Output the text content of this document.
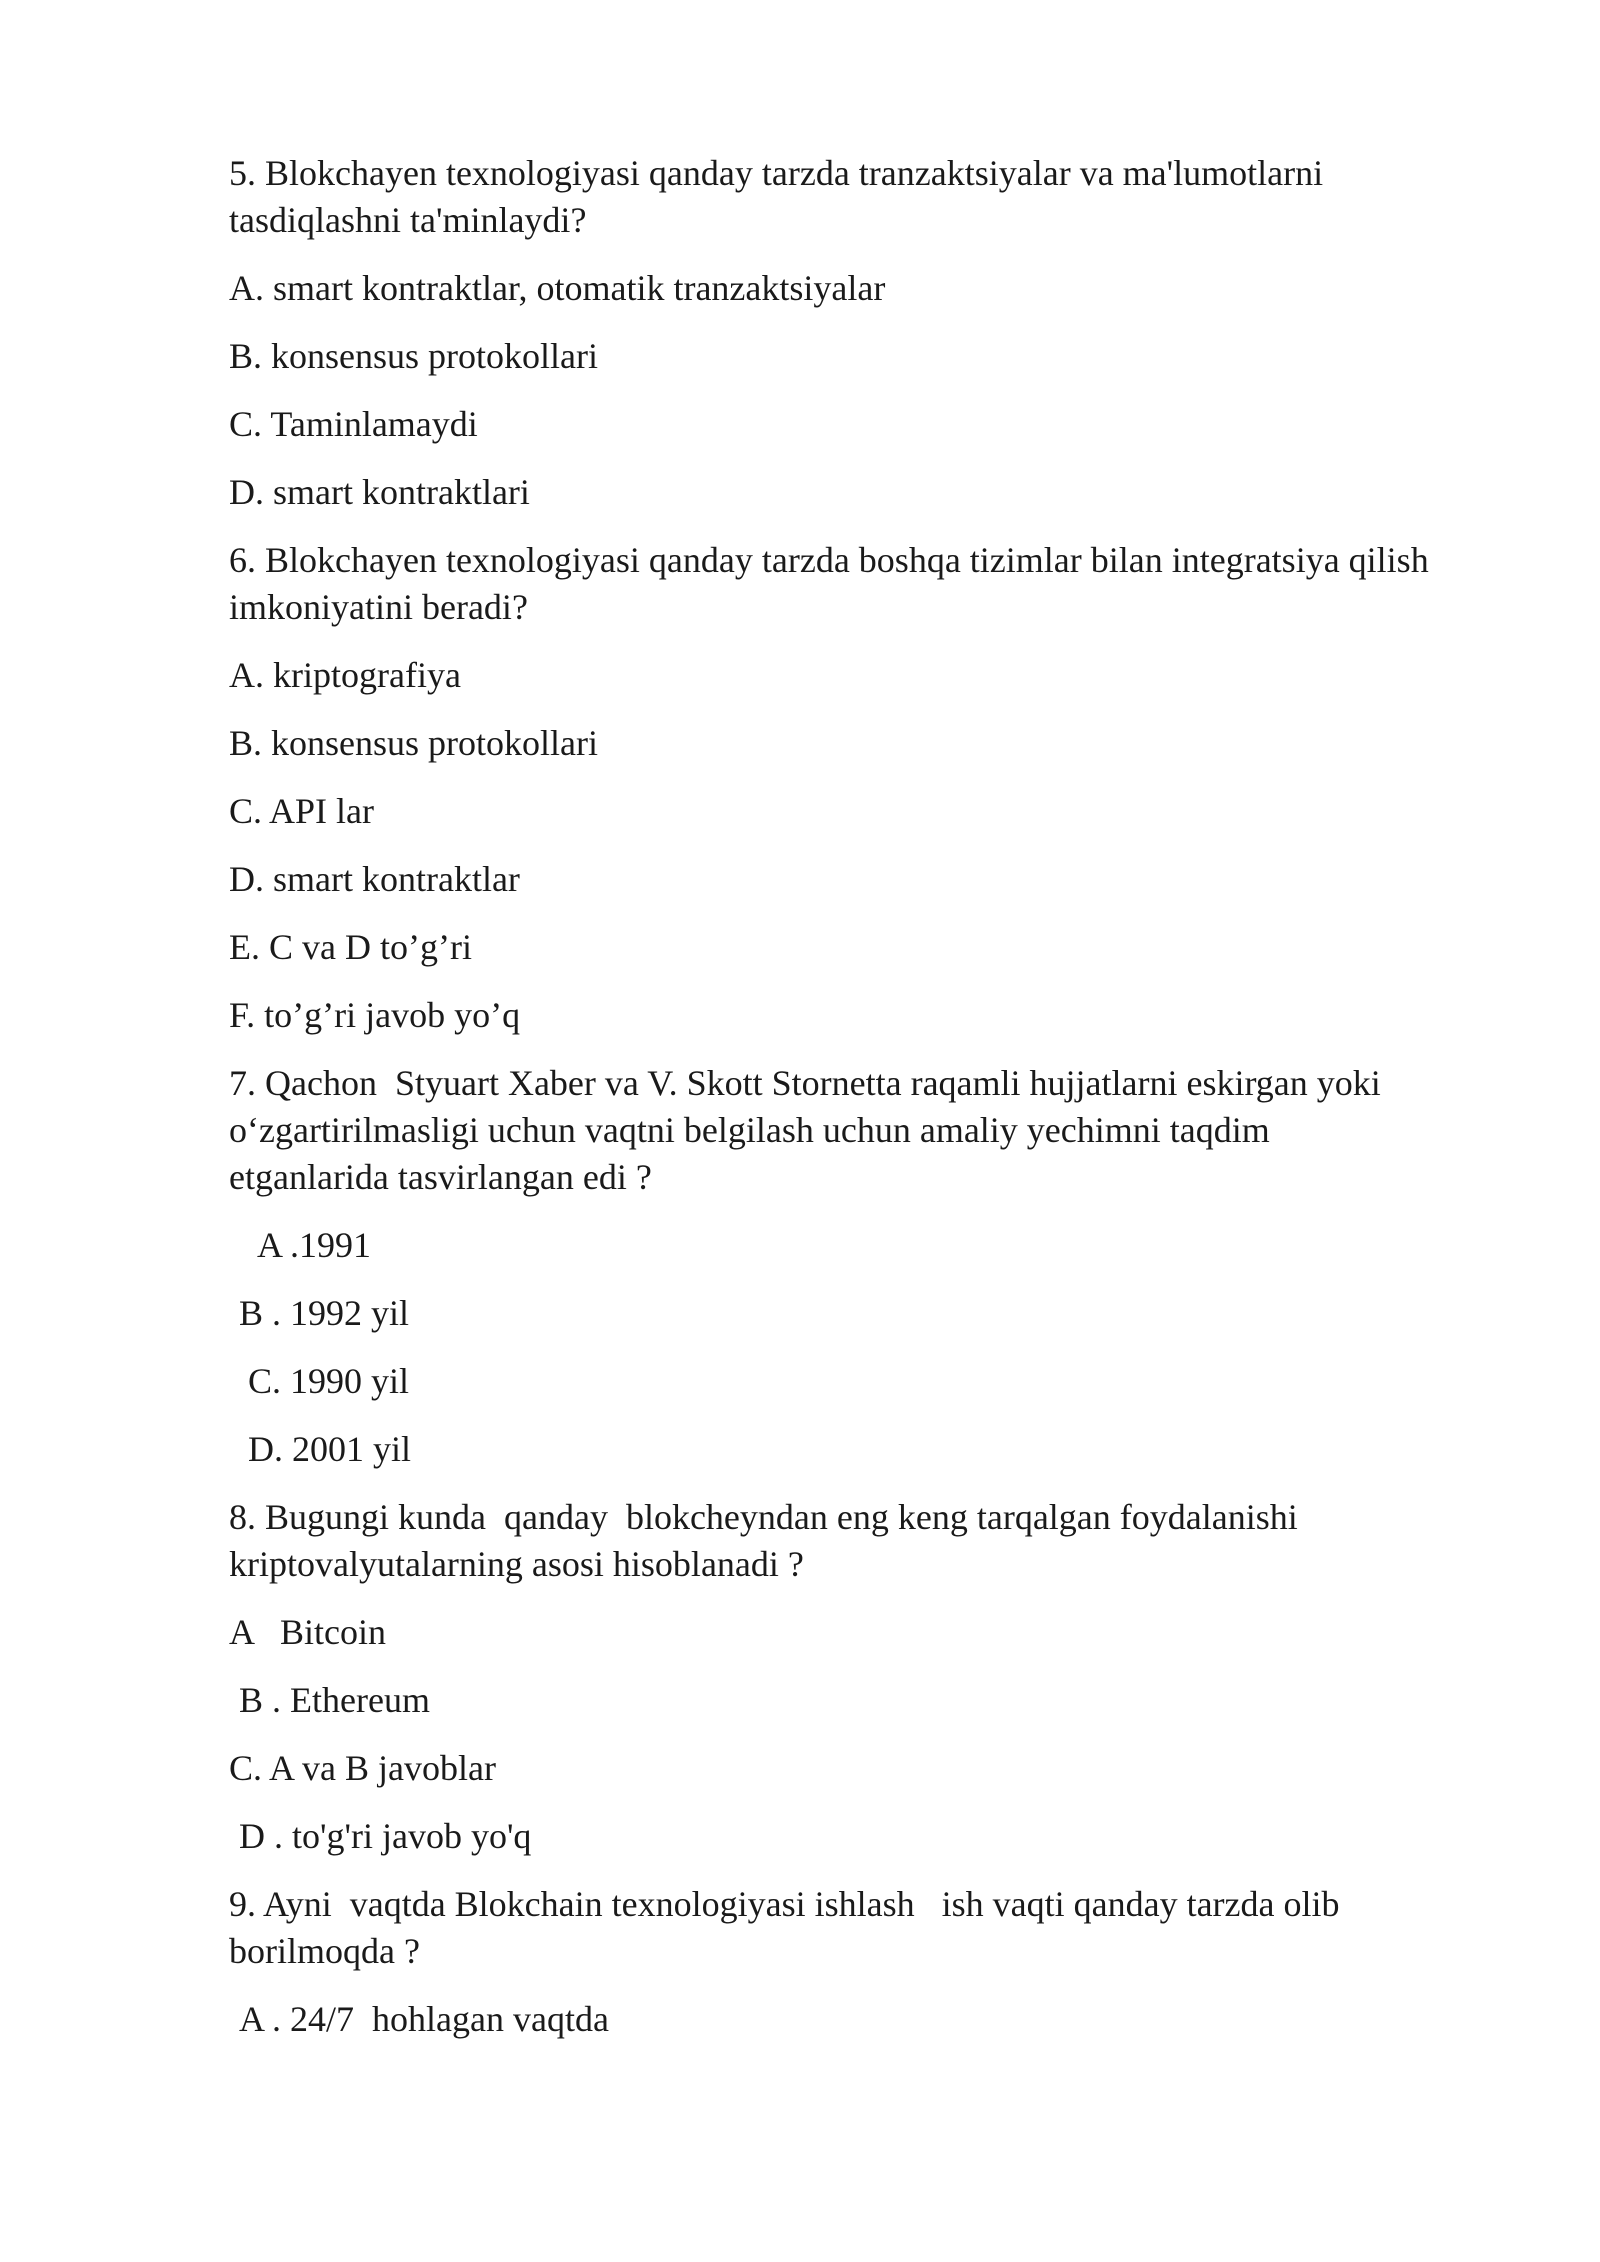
5. Blokchayen texnologiyasi qanday tarzda tranzaktsiyalar va ma'lumotlarni
tasdiqlashni ta'minlaydi?
A. smart kontraktlar, otomatik tranzaktsiyalar
B. konsensus protokollari
C. Taminlamaydi
D. smart kontraktlari
6. Blokchayen texnologiyasi qanday tarzda boshqa tizimlar bilan integratsiya qilish
imkoniyatini beradi?
A. kriptografiya
B. konsensus protokollari
C. API lar
D. smart kontraktlar
E. C va D to’g’ri
F. to’g’ri javob yo’q
7. Qachon  Styuart Xaber va V. Skott Stornetta raqamli hujjatlarni eskirgan yoki
o‘zgartirilmasligi uchun vaqtni belgilash uchun amaliy yechimni taqdim
etganlarida tasvirlangan edi ?
A .1991
B . 1992 yil
C. 1990 yil
D. 2001 yil
8. Bugungi kunda  qanday  blokcheyndan eng keng tarqalgan foydalanishi
kriptovalyutalarning asosi hisoblanadi ?
A   Bitcoin
B . Ethereum
C. A va B javoblar
D . to'g'ri javob yo'q
9. Ayni  vaqtda Blokchain texnologiyasi ishlash   ish vaqti qanday tarzda olib
borilmoqda ?
A . 24/7  hohlagan vaqtda
